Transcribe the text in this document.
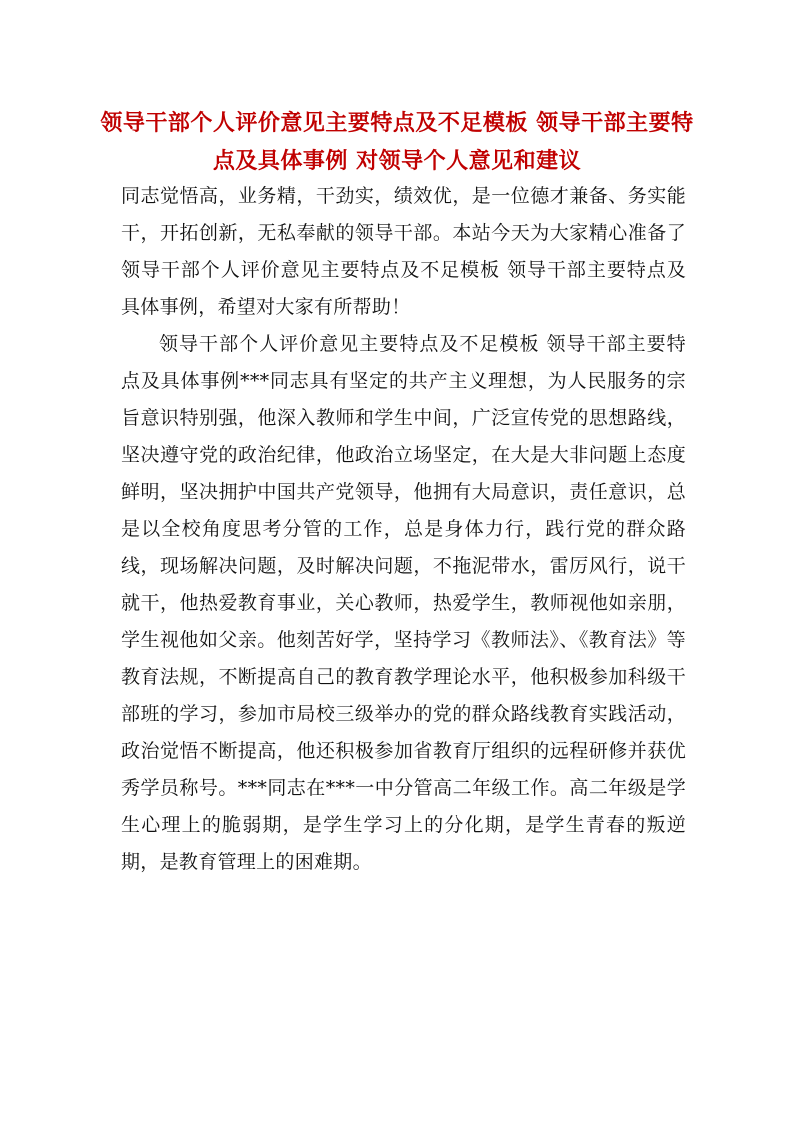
领导干部个人评价意见主要特点及不足模板 领导干部主要特点及具体事例 对领导个人意见和建议

同志觉悟高，业务精，干劲实，绩效优，是一位德才兼备、务实能干，开拓创新，无私奉献的领导干部。本站今天为大家精心准备了领导干部个人评价意见主要特点及不足模板 领导干部主要特点及具体事例，希望对大家有所帮助！

领导干部个人评价意见主要特点及不足模板 领导干部主要特点及具体事例***同志具有坚定的共产主义理想，为人民服务的宗旨意识特别强，他深入教师和学生中间，广泛宣传党的思想路线，坚决遵守党的政治纪律，他政治立场坚定，在大是大非问题上态度鲜明，坚决拥护中国共产党领导，他拥有大局意识，责任意识，总是以全校角度思考分管的工作，总是身体力行，践行党的群众路线，现场解决问题，及时解决问题，不拖泥带水，雷厉风行，说干就干，他热爱教育事业，关心教师，热爱学生，教师视他如亲朋，学生视他如父亲。他刻苦好学，坚持学习《教师法》、《教育法》等教育法规，不断提高自己的教育教学理论水平，他积极参加科级干部班的学习，参加市局校三级举办的党的群众路线教育实践活动，政治觉悟不断提高，他还积极参加省教育厅组织的远程研修并获优秀学员称号。***同志在***一中分管高二年级工作。高二年级是学生心理上的脆弱期，是学生学习上的分化期，是学生青春的叛逆期，是教育管理上的困难期。
